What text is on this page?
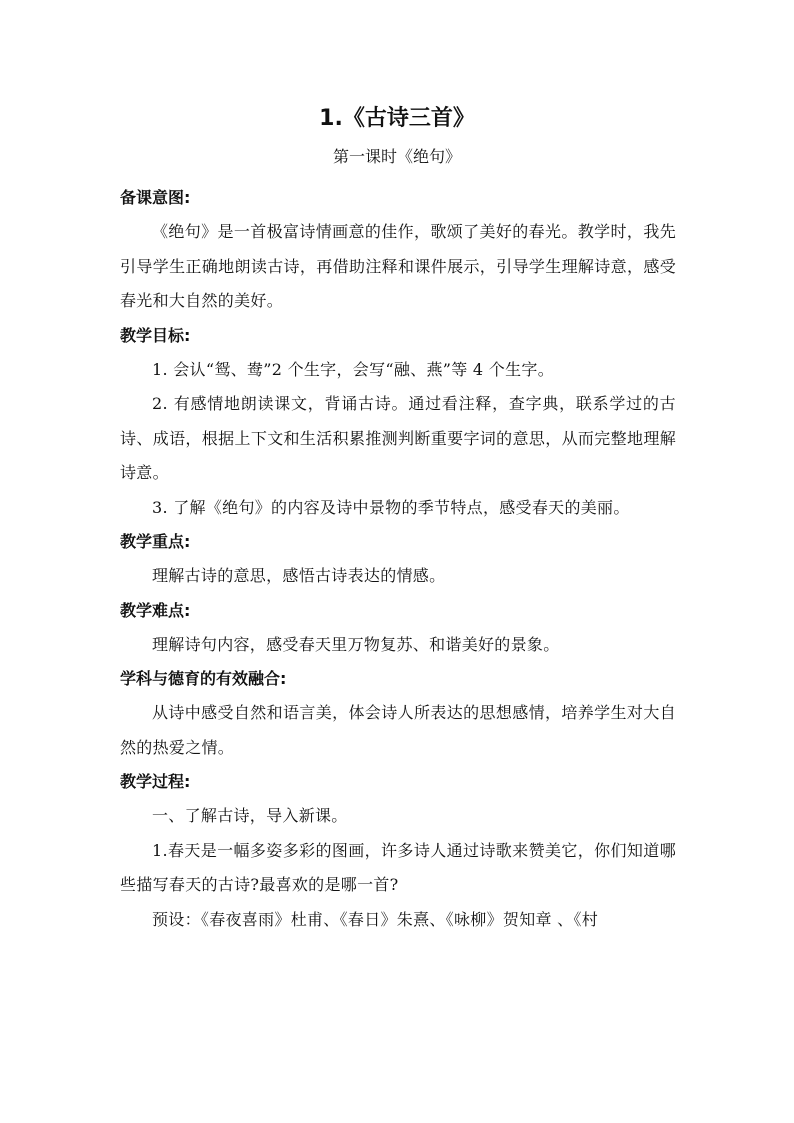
1.《古诗三首》
第一课时《绝句》

备课意图:

《绝句》是一首极富诗情画意的佳作，歌颂了美好的春光。教学时，我先引导学生正确地朗读古诗，再借助注释和课件展示，引导学生理解诗意，感受春光和大自然的美好。

教学目标:

1. 会认“鸳、鸯”2 个生字，会写“融、燕”等 4 个生字。

2. 有感情地朗读课文，背诵古诗。通过看注释，查字典，联系学过的古诗、成语，根据上下文和生活积累推测判断重要字词的意思，从而完整地理解诗意。

3. 了解《绝句》的内容及诗中景物的季节特点，感受春天的美丽。

教学重点:

理解古诗的意思，感悟古诗表达的情感。

教学难点:

理解诗句内容，感受春天里万物复苏、和谐美好的景象。

学科与德育的有效融合:

从诗中感受自然和语言美，体会诗人所表达的思想感情，培养学生对大自然的热爱之情。

教学过程:

一、了解古诗，导入新课。

1.春天是一幅多姿多彩的图画，许多诗人通过诗歌来赞美它，你们知道哪些描写春天的古诗?最喜欢的是哪一首?

预设：《春夜喜雨》杜甫、《春日》朱熹、《咏柳》贺知章 、《村
